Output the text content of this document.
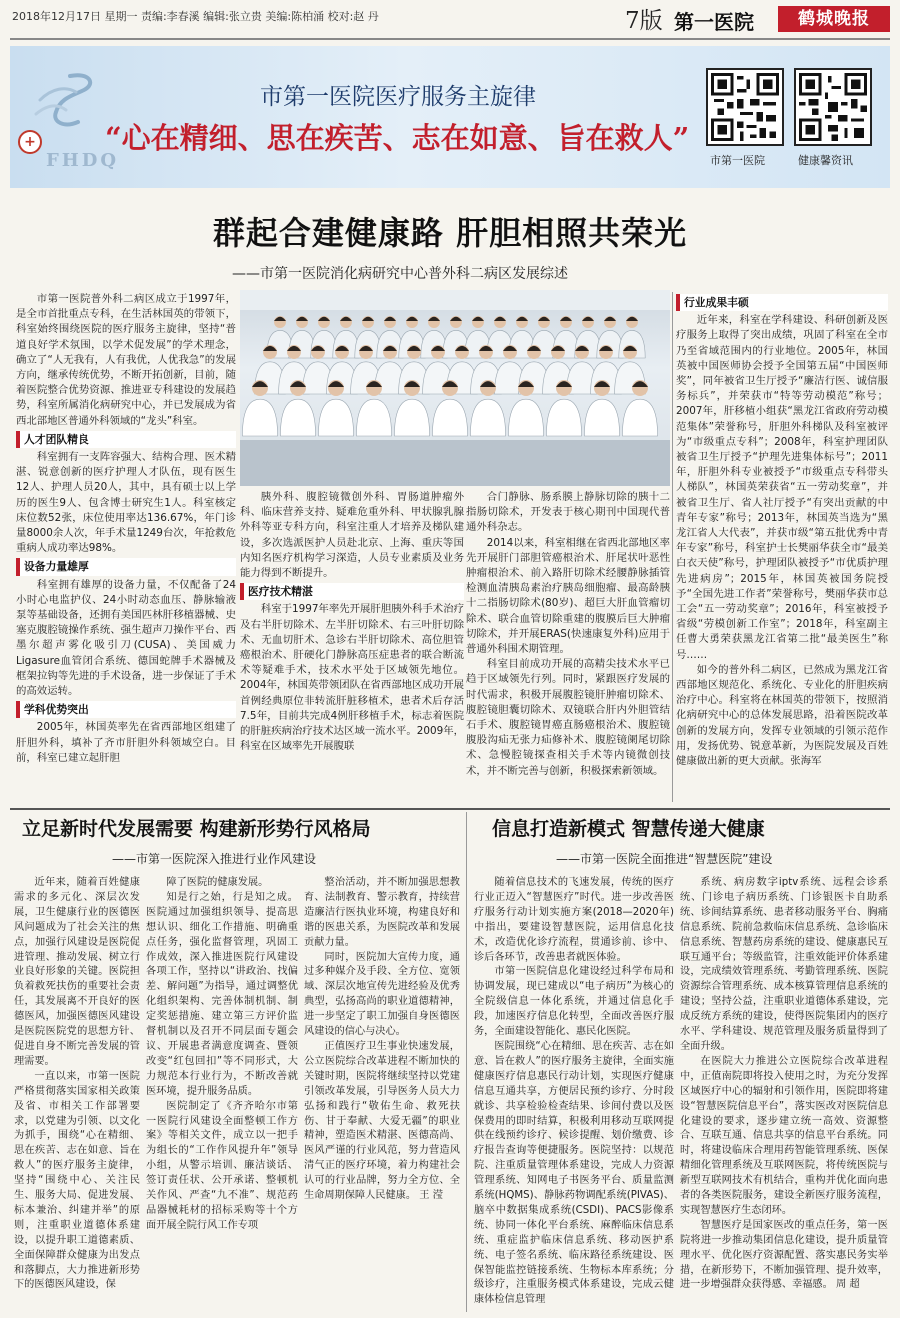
2018年12月17日 星期一 责编:李春溪 编辑:张立贵 美编:陈柏涌 校对:赵 丹	7版 第一医院	鹤城晚报
+
FHDQ
市第一医院医疗服务主旋律
“心在精细、思在疾苦、志在如意、旨在救人”
市第一医院	健康馨资讯
群起合建健康路 肝胆相照共荣光
——市第一医院消化病研究中心普外科二病区发展综述

市第一医院普外科二病区成立于1997年，是全市首批重点专科，在生活林国英的带领下，科室始终围绕医院的医疗服务主旋律，坚持“普道良好学术氛围，以学术促发展”的学术理念，确立了“人无我有，人有我优，人优我急”的发展方向，继承传统优势，不断开拓创新，目前，随着医院整合优势资源、推进亚专科建设的发展趋势，科室所属消化病研究中心，并已发展成为省西北部地区普通外科领域的“龙头”科室。

人才团队精良

科室拥有一支阵容强大、结构合理、医术精湛、锐意创新的医疗护理人才队伍，现有医生12人、护理人员20人，其中，具有硕士以上学历的医生9人、包含博士研究生1人。科室核定床位数52张，床位使用率达136.67%，年门诊量8000余人次，年手术量1249台次，年抢救危重病人成功率达98%。

设备力量雄厚

科室拥有雄厚的设备力量，不仅配备了24小时心电监护仪、24小时动态血压、静脉输液泵等基础设备，还拥有美国匹林肝移植器械、史塞克腹腔镜操作系统、强生超声刀操作平台、西墨尔超声雾化吸引刀(CUSA)、美国威力Ligasure血管闭合系统、德国蛇牌手术器械及框架拉钩等先进的手术设备，进一步保证了手术的高效运转。

学科优势突出

2005年，林国英率先在省西部地区组建了肝胆外科，填补了齐市肝胆外科领域空白。目前，科室已建立起肝胆

胰外科、腹腔镜微创外科、胃肠道肿瘤外科、临床营养支持、疑难危重外科、甲状腺乳腺外科等亚专科方向，科室注重人才培养及梯队建设，多次选派医护人员赴北京、上海、重庆等国内知名医疗机构学习深造，人员专业素质及业务能力得到不断提升。

医疗技术精湛

科室于1997年率先开展肝胆胰外科手术治疗及右半肝切除术、左半肝切除术、右三叶肝切除术、无血切肝术、急诊右半肝切除术、高位胆管癌根治术、肝硬化门静脉高压症患者的联合断流术等疑难手术，技术水平处于区域领先地位。2004年，林国英带领团队在省西部地区成功开展首例经典原位非转流肝脏移植术，患者术后存活7.5年，目前共完成4例肝移植手术，标志着医院的肝脏疾病治疗技术达区域一流水平。2009年，科室在区域率先开展腹联

合门静脉、肠系膜上静脉切除的胰十二指肠切除术，开发表于核心期刊中国现代普通外科杂志。

2014以来，科室相继在省西北部地区率先开展肝门部胆管癌根治术、肝尾状叶恶性肿瘤根治术、前入路肝切除术经腰静脉插管检测血清胰岛素治疗胰岛细胞瘤、最高龄胰十二指肠切除术(80岁)、超巨大肝血管瘤切除术、联合血管切除重建的腹膜后巨大肿瘤切除术，并开展ERAS(快速康复外科)应用于普通外科围术期管理。

科室目前成功开展的高精尖技术水平已趋于区域领先行列。同时，紧跟医疗发展的时代需求，积极开展腹腔镜肝肿瘤切除术、腹腔镜胆囊切除术、双镜联合肝内外胆管结石手术、腹腔镜胃癌直肠癌根治术、腹腔镜腹股沟疝无张力疝修补术、腹腔镜阑尾切除术、急慢腔镜探查相关手术等内镜微创技术，并不断完善与创新，积极探索新领域。

行业成果丰硕

近年来，科室在学科建设、科研创新及医疗服务上取得了突出成绩，巩固了科室在全市乃至省域范围内的行业地位。2005年，林国英被中国医师协会授予全国第五届“中国医师奖”，同年被省卫生厅授予“廉洁行医、诚信服务标兵”，并荣获市“特等劳动模范”称号；2007年，肝移植小组获“黑龙江省政府劳动模范集体”荣誉称号，肝胆外科梯队及科室被评为“市级重点专科”；2008年，科室护理团队被省卫生厅授予“护理先进集体标号”；2011年，肝胆外科专业被授予“市级重点专科带头人梯队”，林国英荣获省“五一劳动奖章”，并被省卫生厅、省人社厅授予“有突出贡献的中青年专家”称号；2013年，林国英当选为“黑龙江省人大代表”，并获市级“第五批优秀中青年专家”称号，科室护士长樊丽华获全市“最美白衣天使”称号，护理团队被授予“市优质护理先进病房”；2015年，林国英被国务院授予“全国先进工作者”荣誉称号，樊丽华获市总工会“五一劳动奖章”；2016年，科室被授予省级“劳模创新工作室”；2018年，科室副主任曹大勇荣获黑龙江省第二批“最美医生”称号……

如今的普外科二病区，已然成为黑龙江省西部地区规范化、系统化、专业化的肝胆疾病治疗中心。科室将在林国英的带领下，按照消化病研究中心的总体发展思路，沿着医院改革创新的发展方向，发挥专业领域的引领示范作用，发扬优势、锐意革新，为医院发展及百姓健康做出新的更大贡献。张海军

立足新时代发展需要 构建新形势行风格局
——市第一医院深入推进行业作风建设

近年来，随着百姓健康需求的多元化、深层次发展，卫生健康行业的医德医风问题成为了社会关注的焦点，加强行风建设是医院促进管理、推动发展、树立行业良好形象的关键。医院担负着救死扶伤的重要社会责任，其发展离不开良好的医德医风，加强医德医风建设是医院医院党的思想方针、促进自身不断完善发展的管理需要。

一直以来，市第一医院严格贯彻落实国家相关政策及省、市相关工作部署要求，以党建为引领、以文化为抓手，围绕“心在精细、思在疾苦、志在如意、旨在救人”的医疗服务主旋律，坚持“围绕中心、关注民生、服务大局、促进发展、标本兼治、纠建并举”的原则，注重职业道德体系建设，以提升职工道德素质、全面保障群众健康为出发点和落脚点，大力推进新形势下的医德医风建设，保

障了医院的健康发展。

知是行之始，行是知之成。医院通过加强组织领导、提高思想认识、细化工作措施、明确重点任务，强化监督管理，巩固工作成效，深入推进医院行风建设各项工作，坚持以“讲政治、找偏差、解问题”为指导，通过调整优化组织架构、完善体制机制、制定奖惩措施、建立第三方评价监督机制以及召开不同层面专题会议、开展患者满意度调查、暨领改变“红包回扣”等不同形式，大力规范本行业行为，不断改善就医环境，提升服务品质。

医院制定了《齐齐哈尔市第一医院行风建设全面整顿工作方案》等相关文件，成立以一把手为组长的“工作作风提升年”领导小组，从警示培训、廉洁谈话、签订责任状、公开承诺、整顿机关作风、严查“九不准”、规范药品器械耗材的招标采购等十个方面开展全院行风工作专项

整治活动，并不断加强思想教育、法制教育、警示教育，持续营造廉洁行医执业环境，构建良好和谐的医患关系，为医院改革和发展贡献力量。

同时，医院加大宣传力度，通过多种媒介及手段、全方位、宽领域、深层次地宣传先进经验及优秀典型，弘扬高尚的职业道德精神，进一步坚定了职工加强自身医德医风建设的信心与决心。

正值医疗卫生事业快速发展，公立医院综合改革进程不断加快的关键时期，医院将继续坚持以党建引领改革发展，引导医务人员大力弘扬和践行“敬佑生命、救死扶伤、甘于奉献、大爱无疆”的职业精神，塑造医术精湛、医德高尚、医风严谨的行业风范，努力营造风清气正的医疗环境，着力构建社会认可的行业品牌，努力全方位、全生命周期保障人民健康。 王 滢

信息打造新模式 智慧传递大健康
——市第一医院全面推进“智慧医院”建设

随着信息技术的飞速发展，传统的医疗行业正迈入“智慧医疗”时代。进一步改善医疗服务行动计划实施方案(2018—2020年)中指出，要建设智慧医院，运用信息化技术，改造优化诊疗流程，贯通诊前、诊中、诊后各环节，改善患者就医体验。

市第一医院信息化建设经过科学布局和协调发展，现已建成以“电子病历”为核心的全院级信息一体化系统，并通过信息化手段，加速医疗信息化转型，全面改善医疗服务，全面建设智能化、惠民化医院。

医院围绕“心在精细、思在疾苦、志在如意、旨在救人”的医疗服务主旋律，全面实施健康医疗信息惠民行动计划，实现医疗健康信息互通共享，方便居民预约诊疗、分时段就诊、共享检验检查结果、诊间付费以及医保费用的即时结算，积极利用移动互联网提供在线预约诊疗、候诊提醒、划价缴费、诊疗报告查询等便捷服务。医院坚持：以规范院、注重质量管理体系建设，完成人力资源管理系统、知网电子书医务平台、质量监测系统(HQMS)、静脉药物调配系统(PIVAS)、脑卒中数据集成系统(CSDI)、PACS影像系统、协同一体化平台系统、麻醉临床信息系统、重症监护临床信息系统、移动医护系统、电子签名系统、临床路径系统建设、医保智能监控链接系统、生物标本库系统；分级诊疗，注重服务模式体系建设，完成云健康体检信息管理

系统、病房数字iptv系统、远程会诊系统、门诊电子病历系统、门诊银医卡自助系统、诊间结算系统、患者移动服务平台、胸痛信息系统、院前急救临床信息系统、急诊临床信息系统、智慧药房系统的建设、健康惠民互联互通平台；等级监管，注重效能评价体系建设，完成绩效管理系统、考勤管理系统、医院资源综合管理系统、成本核算管理信息系统的建设；坚持公益，注重职业道德体系建设，完成反统方系统的建设，使得医院集团内的医疗水平、学科建设、规范管理及服务质量得到了全面升级。

在医院大力推进公立医院综合改革进程中，正值南院即将投入使用之时，为充分发挥区域医疗中心的辐射和引领作用，医院即将建设“智慧医院信息平台”，落实医改对医院信息化建设的要求，逐步建立统一高效、资源整合、互联互通、信息共享的信息平台系统。同时，将建设临床合理用药智能管理系统、医保精细化管理系统及互联网医院，将传统医院与新型互联网技术有机结合，重构并优化面向患者的各类医院服务，建设全新医疗服务流程，实现智慧医疗生态闭环。

智慧医疗是国家医改的重点任务，第一医院将进一步推动集团信息化建设，提升质量管理水平、优化医疗资源配置、落实惠民务实举措，在新形势下，不断加强管理、提升效率，进一步增强群众获得感、幸福感。 周 超
